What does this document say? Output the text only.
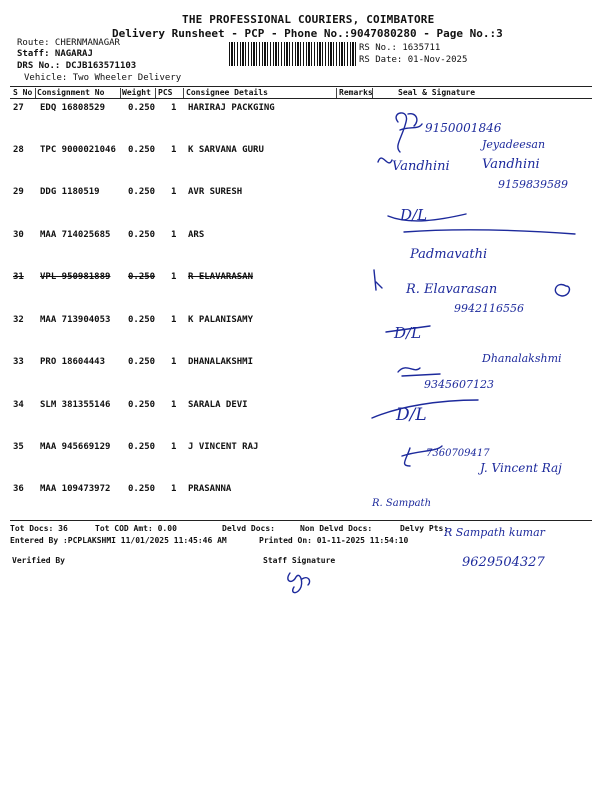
THE PROFESSIONAL COURIERS, COIMBATORE
Delivery Runsheet - PCP - Phone No.:9047080280 - Page No.:3
Route: CHERNMANAGAR
Staff: NAGARAJ
DRS No.: DCJB163571103
Vehicle: Two Wheeler Delivery
RS No.: 1635711
RS Date: 01-Nov-2025
S No Consignment No Weight PCS Consignee Details	Remarks	Seal & Signature
27 EDQ 16808529	0.250 1 HARIRAJ PACKGING
28 TPC 9000021046 0.250 1 K SARVANA GURU
29 DDG 1180519	0.250 1 AVR SURESH
30 MAA 714025685 0.250 1 ARS
31 VPL 950981889 0.250 1 R ELAVARASAN
32 MAA 713904053 0.250 1 K PALANISAMY
33 PRO 18604443	0.250 1 DHANALAKSHMI
34 SLM 381355146 0.250 1 SARALA DEVI
35 MAA 945669129 0.250 1 J VINCENT RAJ
36 MAA 109473972 0.250 1 PRASANNA
Tot Docs: 36	Tot COD Amt: 0.00	Delvd Docs:	Non Delvd Docs:	Delvy Pts:
Entered By :PCPLAKSHMI 11/01/2025 11:45:46 AM	Printed On: 01-11-2025 11:54:10
Verified By	Staff Signature
9150001846
Jeyadeesan
Vandhini Vandhini
9159839589
D/L
Padmavathi
R. Elavarasan
9942116556
D/L
Dhanalakshmi
9345607123
D/L
7360709417
J. Vincent Raj
R. Sampath
R Sampath kumar
9629504327
